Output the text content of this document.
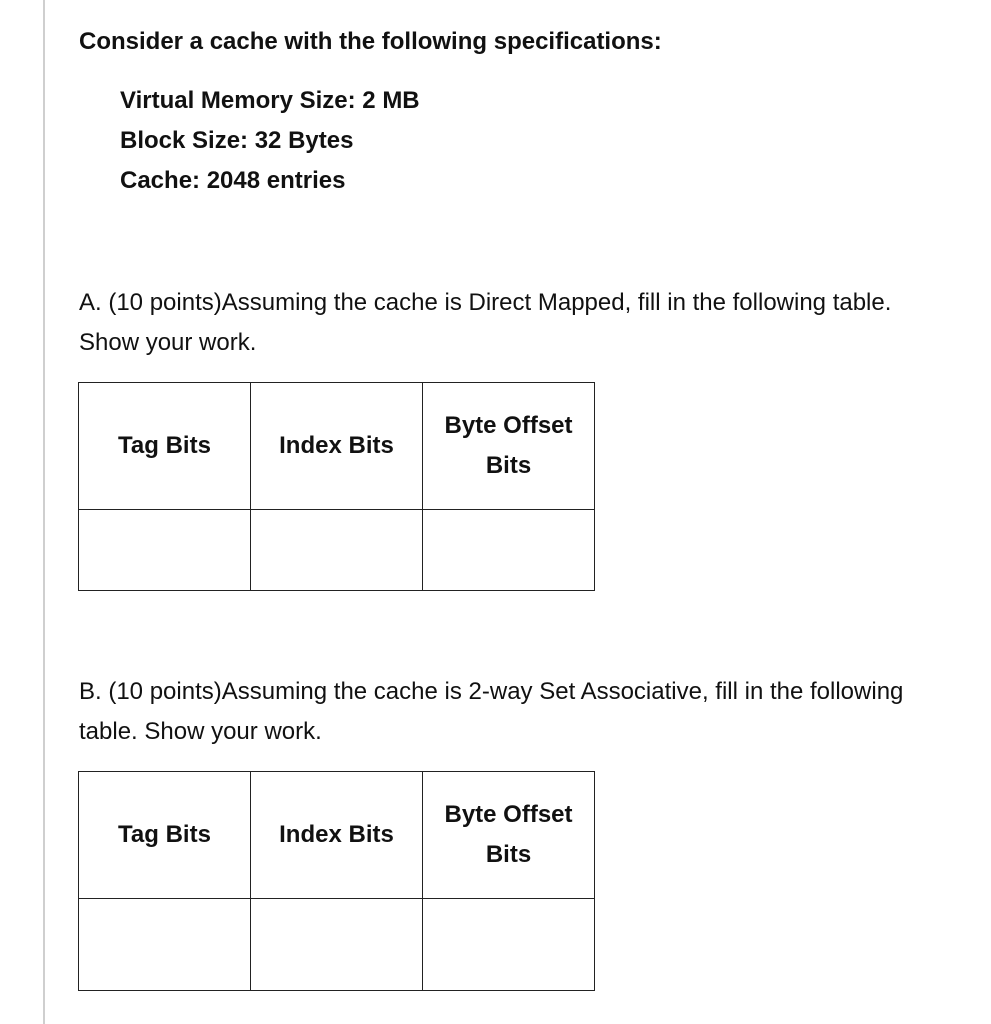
Consider a cache with the following specifications:
Virtual Memory Size: 2 MB
Block Size: 32 Bytes
Cache: 2048 entries
A. (10 points)Assuming the cache is Direct Mapped, fill in the following table. Show your work.
Tag Bits	Index Bits	Byte Offset Bits

B. (10 points)Assuming the cache is 2-way Set Associative, fill in the following table. Show your work.
Tag Bits	Index Bits	Byte Offset Bits
